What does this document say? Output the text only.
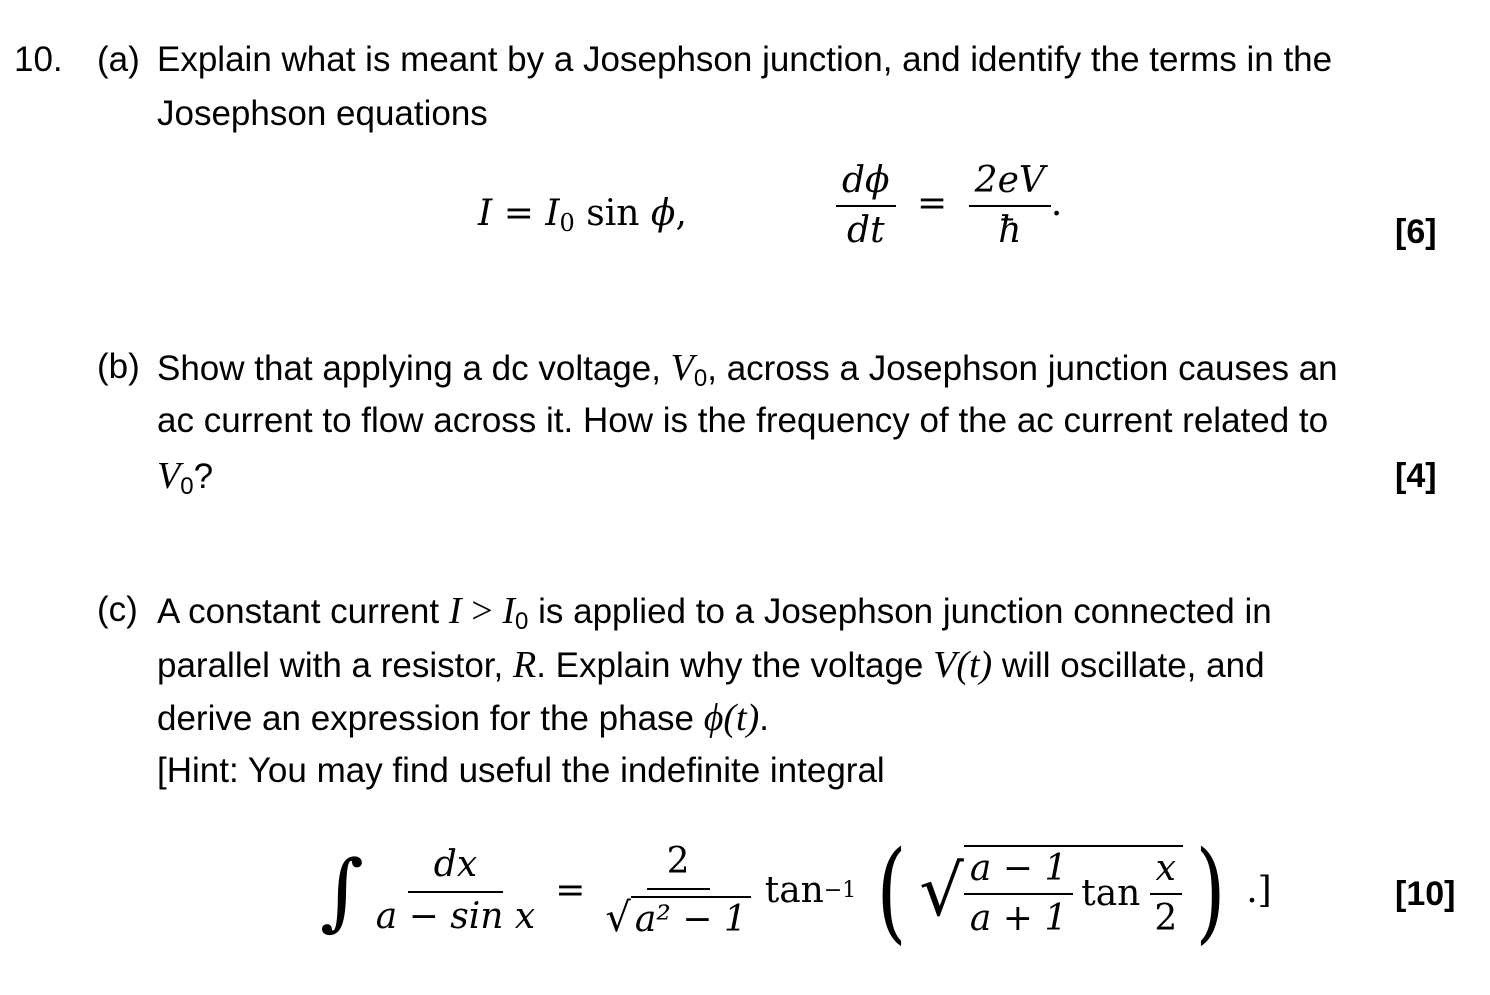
10. (a) Explain what is meant by a Josephson junction, and identify the terms in the
Josephson equations
$I = I_0$ sin ϕ,	$\frac{d\phi}{dt} = \frac{2eV}{ħ}$ .
[6]
(b) Show that applying a dc voltage, $V_0$, across a Josephson junction causes an
ac current to flow across it. How is the frequency of the ac current related to
$V_0$?	[4]
(c) A constant current $I > I_0$ is applied to a Josephson junction connected in
parallel with a resistor, R. Explain why the voltage V(t) will oscillate, and
derive an expression for the phase ϕ(t).
[Hint: You may find useful the indefinite integral
∫ $\frac{dx}{\text{a − sin x}} = \frac{2}{\text{√ a² − 1}}$ tan −1 ( √ $\frac{a - 1}{a + 1}$ $\tan \frac{x}{2}$ ) .]	[10]
